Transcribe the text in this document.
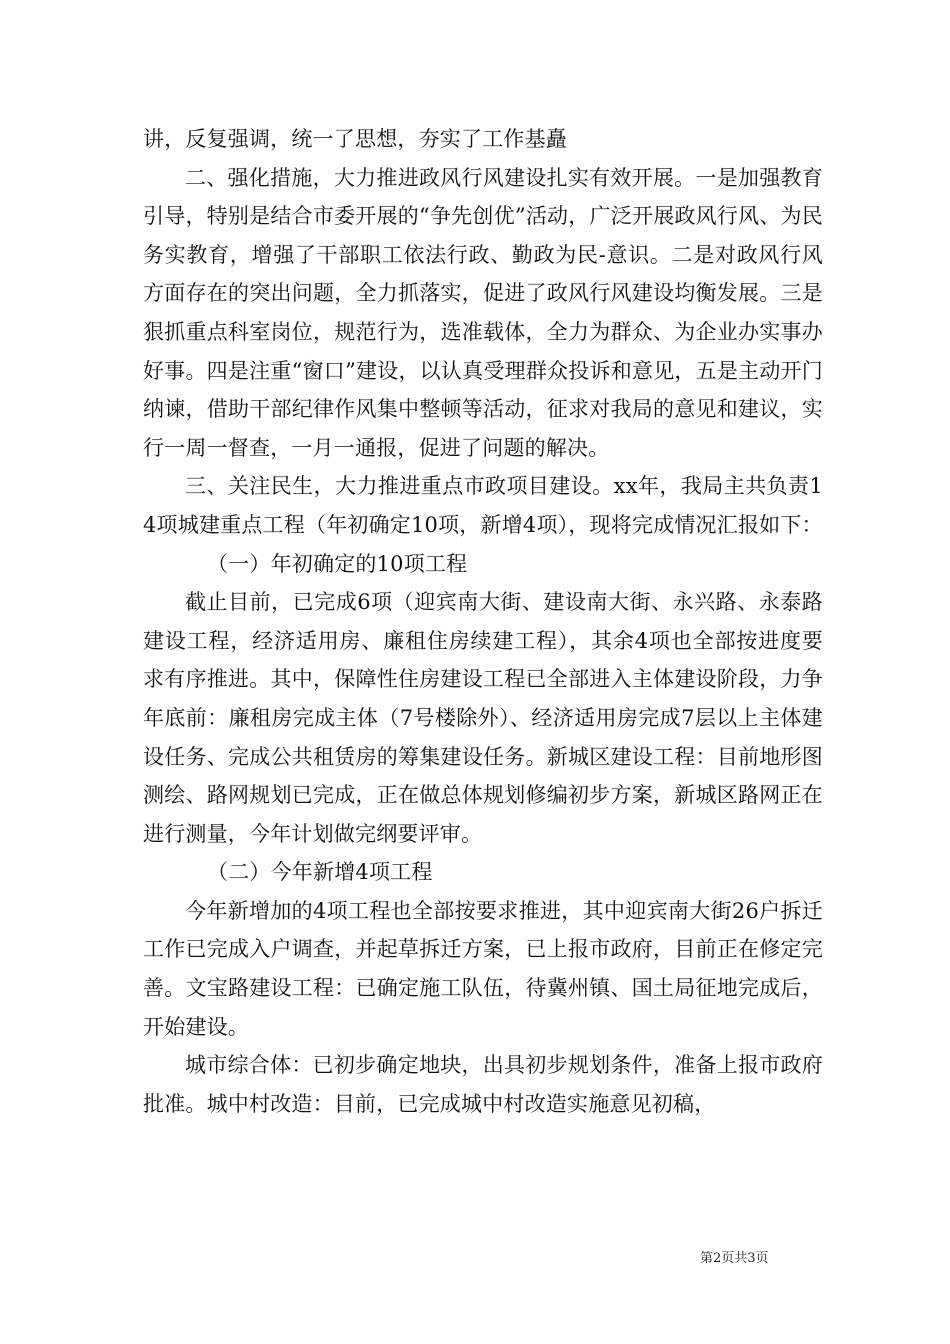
讲，反复强调，统一了思想，夯实了工作基矗

二、强化措施，大力推进政风行风建设扎实有效开展。一是加强教育引导，特别是结合市委开展的“争先创优”活动，广泛开展政风行风、为民务实教育，增强了干部职工依法行政、勤政为民-意识。二是对政风行风方面存在的突出问题，全力抓落实，促进了政风行风建设均衡发展。三是狠抓重点科室岗位，规范行为，选准载体，全力为群众、为企业办实事办好事。四是注重“窗口”建设，以认真受理群众投诉和意见，五是主动开门纳谏，借助干部纪律作风集中整顿等活动，征求对我局的意见和建议，实行一周一督查，一月一通报，促进了问题的解决。

三、关注民生，大力推进重点市政项目建设。xx年，我局主共负责14项城建重点工程（年初确定10项，新增4项），现将完成情况汇报如下：

（一）年初确定的10项工程

截止目前，已完成6项（迎宾南大街、建设南大街、永兴路、永泰路建设工程，经济适用房、廉租住房续建工程），其余4项也全部按进度要求有序推进。其中，保障性住房建设工程已全部进入主体建设阶段，力争年底前：廉租房完成主体（7号楼除外）、经济适用房完成7层以上主体建设任务、完成公共租赁房的筹集建设任务。新城区建设工程：目前地形图测绘、路网规划已完成，正在做总体规划修编初步方案，新城区路网正在进行测量，今年计划做完纲要评审。

（二）今年新增4项工程

今年新增加的4项工程也全部按要求推进，其中迎宾南大街26户拆迁工作已完成入户调查，并起草拆迁方案，已上报市政府，目前正在修定完善。文宝路建设工程：已确定施工队伍，待冀州镇、国土局征地完成后，开始建设。

城市综合体：已初步确定地块，出具初步规划条件，准备上报市政府批准。城中村改造：目前，已完成城中村改造实施意见初稿，

第2页共3页
